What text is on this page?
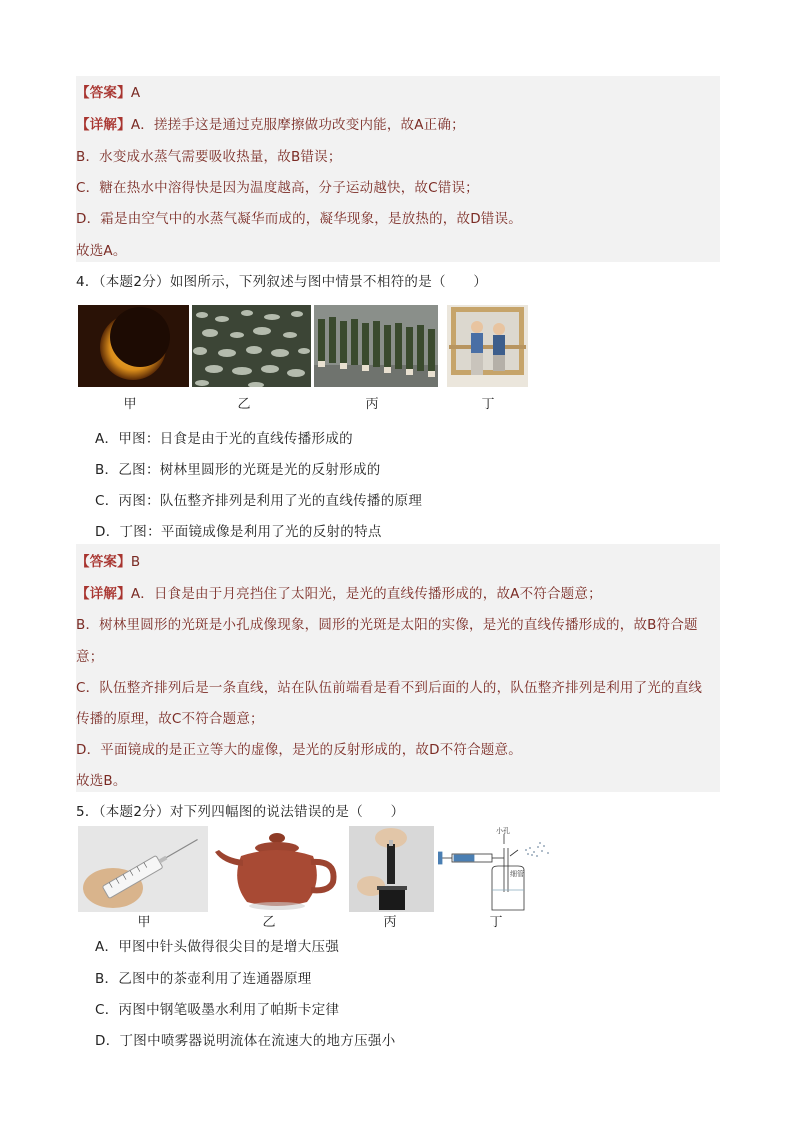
【答案】A
【详解】A．搓搓手这是通过克服摩擦做功改变内能，故A正确；
B．水变成水蒸气需要吸收热量，故B错误；
C．糖在热水中溶得快是因为温度越高，分子运动越快，故C错误；
D．霜是由空气中的水蒸气凝华而成的，凝华现象，是放热的，故D错误。
故选A。
4．（本题2分）如图所示，下列叙述与图中情景不相符的是（　　）
甲	乙	丙	丁
A．甲图：日食是由于光的直线传播形成的
B．乙图：树林里圆形的光斑是光的反射形成的
C．丙图：队伍整齐排列是利用了光的直线传播的原理
D．丁图：平面镜成像是利用了光的反射的特点
【答案】B
【详解】A．日食是由于月亮挡住了太阳光，是光的直线传播形成的，故A不符合题意；
B．树林里圆形的光斑是小孔成像现象，圆形的光斑是太阳的实像，是光的直线传播形成的，故B符合题
意；
C．队伍整齐排列后是一条直线，站在队伍前端看是看不到后面的人的，队伍整齐排列是利用了光的直线
传播的原理，故C不符合题意；
D．平面镜成的是正立等大的虚像，是光的反射形成的，故D不符合题意。
故选B。
5．（本题2分）对下列四幅图的说法错误的是（　　）
小孔
细管
甲	乙	丙	丁
A．甲图中针头做得很尖目的是增大压强
B．乙图中的茶壶利用了连通器原理
C．丙图中钢笔吸墨水利用了帕斯卡定律
D．丁图中喷雾器说明流体在流速大的地方压强小
